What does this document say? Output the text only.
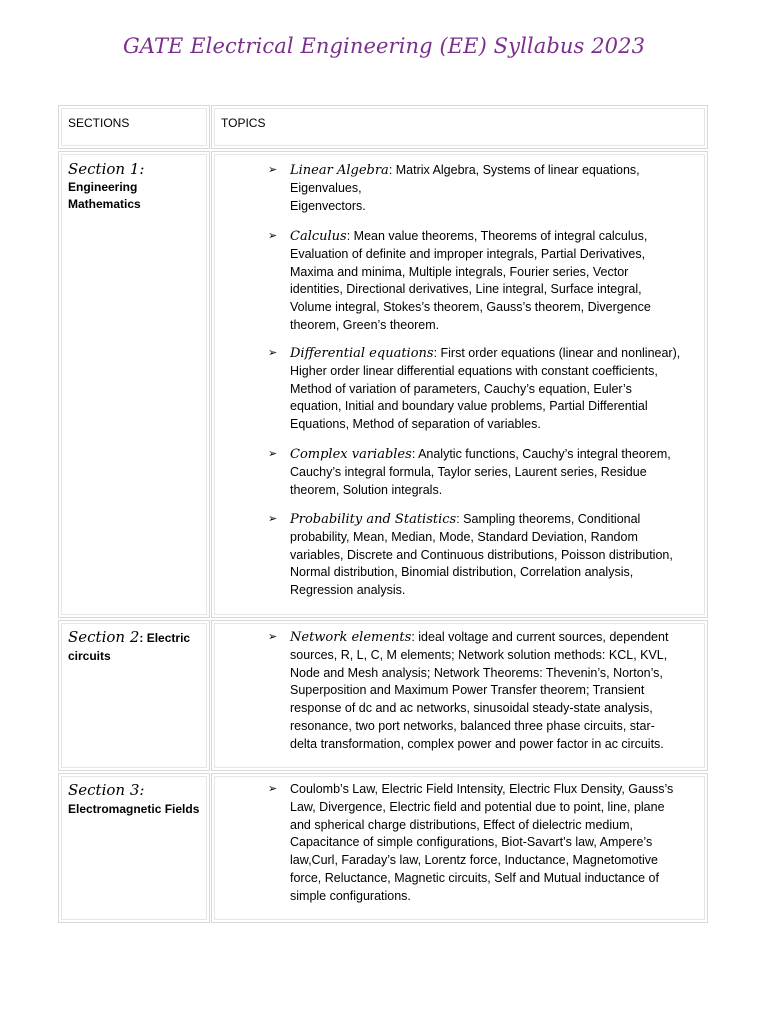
GATE Electrical Engineering (EE) Syllabus 2023
SECTIONS	TOPICS
Section 1:
Engineering
Mathematics
➢ Linear Algebra: Matrix Algebra, Systems of linear equations,
Eigenvalues,
Eigenvectors.
➢ Calculus: Mean value theorems, Theorems of integral calculus,
Evaluation of definite and improper integrals, Partial Derivatives,
Maxima and minima, Multiple integrals, Fourier series, Vector
identities, Directional derivatives, Line integral, Surface integral,
Volume integral, Stokes’s theorem, Gauss’s theorem, Divergence
theorem, Green’s theorem.
➢ Differential equations: First order equations (linear and nonlinear),
Higher order linear differential equations with constant coefficients,
Method of variation of parameters, Cauchy’s equation, Euler’s
equation, Initial and boundary value problems, Partial Differential
Equations, Method of separation of variables.
➢ Complex variables: Analytic functions, Cauchy’s integral theorem,
Cauchy’s integral formula, Taylor series, Laurent series, Residue
theorem, Solution integrals.
➢ Probability and Statistics: Sampling theorems, Conditional
probability, Mean, Median, Mode, Standard Deviation, Random
variables, Discrete and Continuous distributions, Poisson distribution,
Normal distribution, Binomial distribution, Correlation analysis,
Regression analysis.
Section 2: Electric
circuits
➢ Network elements: ideal voltage and current sources, dependent
sources, R, L, C, M elements; Network solution methods: KCL, KVL,
Node and Mesh analysis; Network Theorems: Thevenin’s, Norton’s,
Superposition and Maximum Power Transfer theorem; Transient
response of dc and ac networks, sinusoidal steady-state analysis,
resonance, two port networks, balanced three phase circuits, star-
delta transformation, complex power and power factor in ac circuits.
Section 3:
Electromagnetic Fields
➢ Coulomb’s Law, Electric Field Intensity, Electric Flux Density, Gauss’s
Law, Divergence, Electric field and potential due to point, line, plane
and spherical charge distributions, Effect of dielectric medium,
Capacitance of simple configurations, Biot-Savart’s law, Ampere’s
law,Curl, Faraday’s law, Lorentz force, Inductance, Magnetomotive
force, Reluctance, Magnetic circuits, Self and Mutual inductance of
simple configurations.
